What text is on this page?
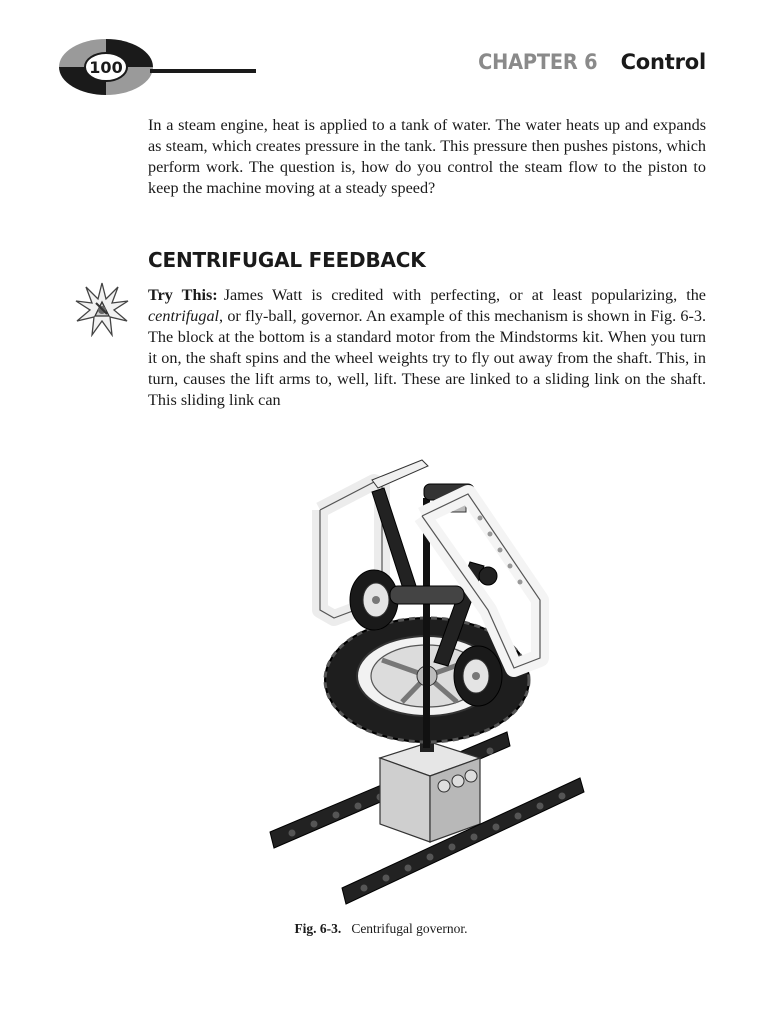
100	CHAPTER 6 Control

In a steam engine, heat is applied to a tank of water. The water heats up and expands as steam, which creates pressure in the tank. This pressure then pushes pistons, which perform work. The question is, how do you control the steam flow to the piston to keep the machine moving at a steady speed?

CENTRIFUGAL FEEDBACK

Try This: James Watt is credited with perfecting, or at least popularizing, the centrifugal, or fly-ball, governor. An example of this mechanism is shown in Fig. 6-3. The block at the bottom is a standard motor from the Mindstorms kit. When you turn it on, the shaft spins and the wheel weights try to fly out away from the shaft. This, in turn, causes the lift arms to, well, lift. These are linked to a sliding link on the shaft. This sliding link can

Fig. 6-3. Centrifugal governor.
